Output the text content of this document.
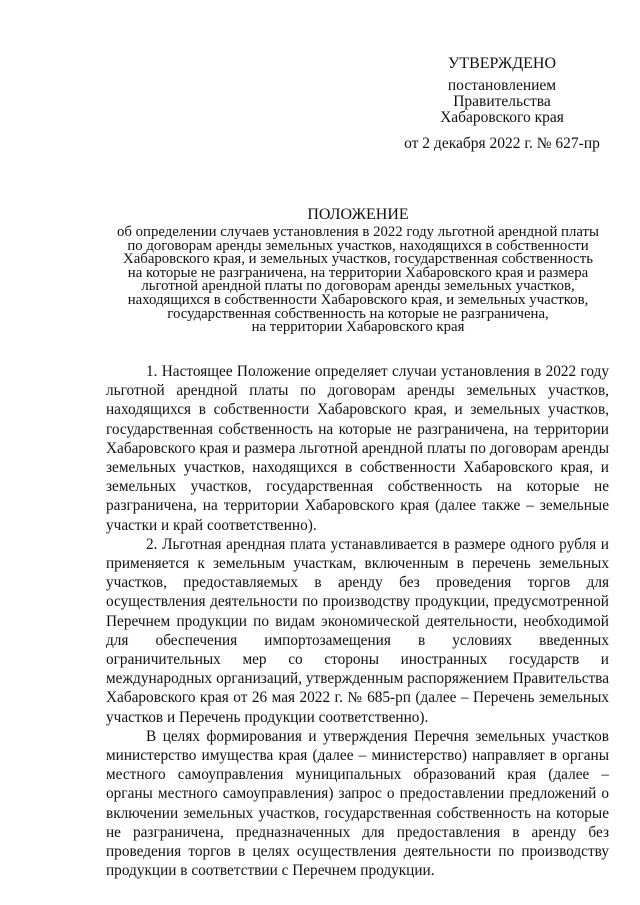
УТВЕРЖДЕНО
постановлением
Правительства
Хабаровского края
от 2 декабря 2022 г. № 627-пр
ПОЛОЖЕНИЕ
об определении случаев установления в 2022 году льготной арендной платы
по договорам аренды земельных участков, находящихся в собственности
Хабаровского края, и земельных участков, государственная собственность
на которые не разграничена, на территории Хабаровского края и размера
льготной арендной платы по договорам аренды земельных участков,
находящихся в собственности Хабаровского края, и земельных участков,
государственная собственность на которые не разграничена,
на территории Хабаровского края

1. Настоящее Положение определяет случаи установления в 2022 году льготной арендной платы по договорам аренды земельных участков, находящихся в собственности Хабаровского края, и земельных участков, государственная собственность на которые не разграничена, на территории Хабаровского края и размера льготной арендной платы по договорам аренды земельных участков, находящихся в собственности Хабаровского края, и земельных участков, государственная собственность на которые не разграничена, на территории Хабаровского края (далее также – земельные участки и край соответственно).

2. Льготная арендная плата устанавливается в размере одного рубля и применяется к земельным участкам, включенным в перечень земельных участков, предоставляемых в аренду без проведения торгов для осуществления деятельности по производству продукции, предусмотренной Перечнем продукции по видам экономической деятельности, необходимой для обеспечения импортозамещения в условиях введенных ограничительных мер со стороны иностранных государств и международных организаций, утвержденным распоряжением Правительства Хабаровского края от 26 мая 2022 г. № 685-рп (далее – Перечень земельных участков и Перечень продукции соответственно).

В целях формирования и утверждения Перечня земельных участков министерство имущества края (далее – министерство) направляет в органы местного самоуправления муниципальных образований края (далее – органы местного самоуправления) запрос о предоставлении предложений о включении земельных участков, государственная собственность на которые не разграничена, предназначенных для предоставления в аренду без проведения торгов в целях осуществления деятельности по производству продукции в соответствии с Перечнем продукции.
